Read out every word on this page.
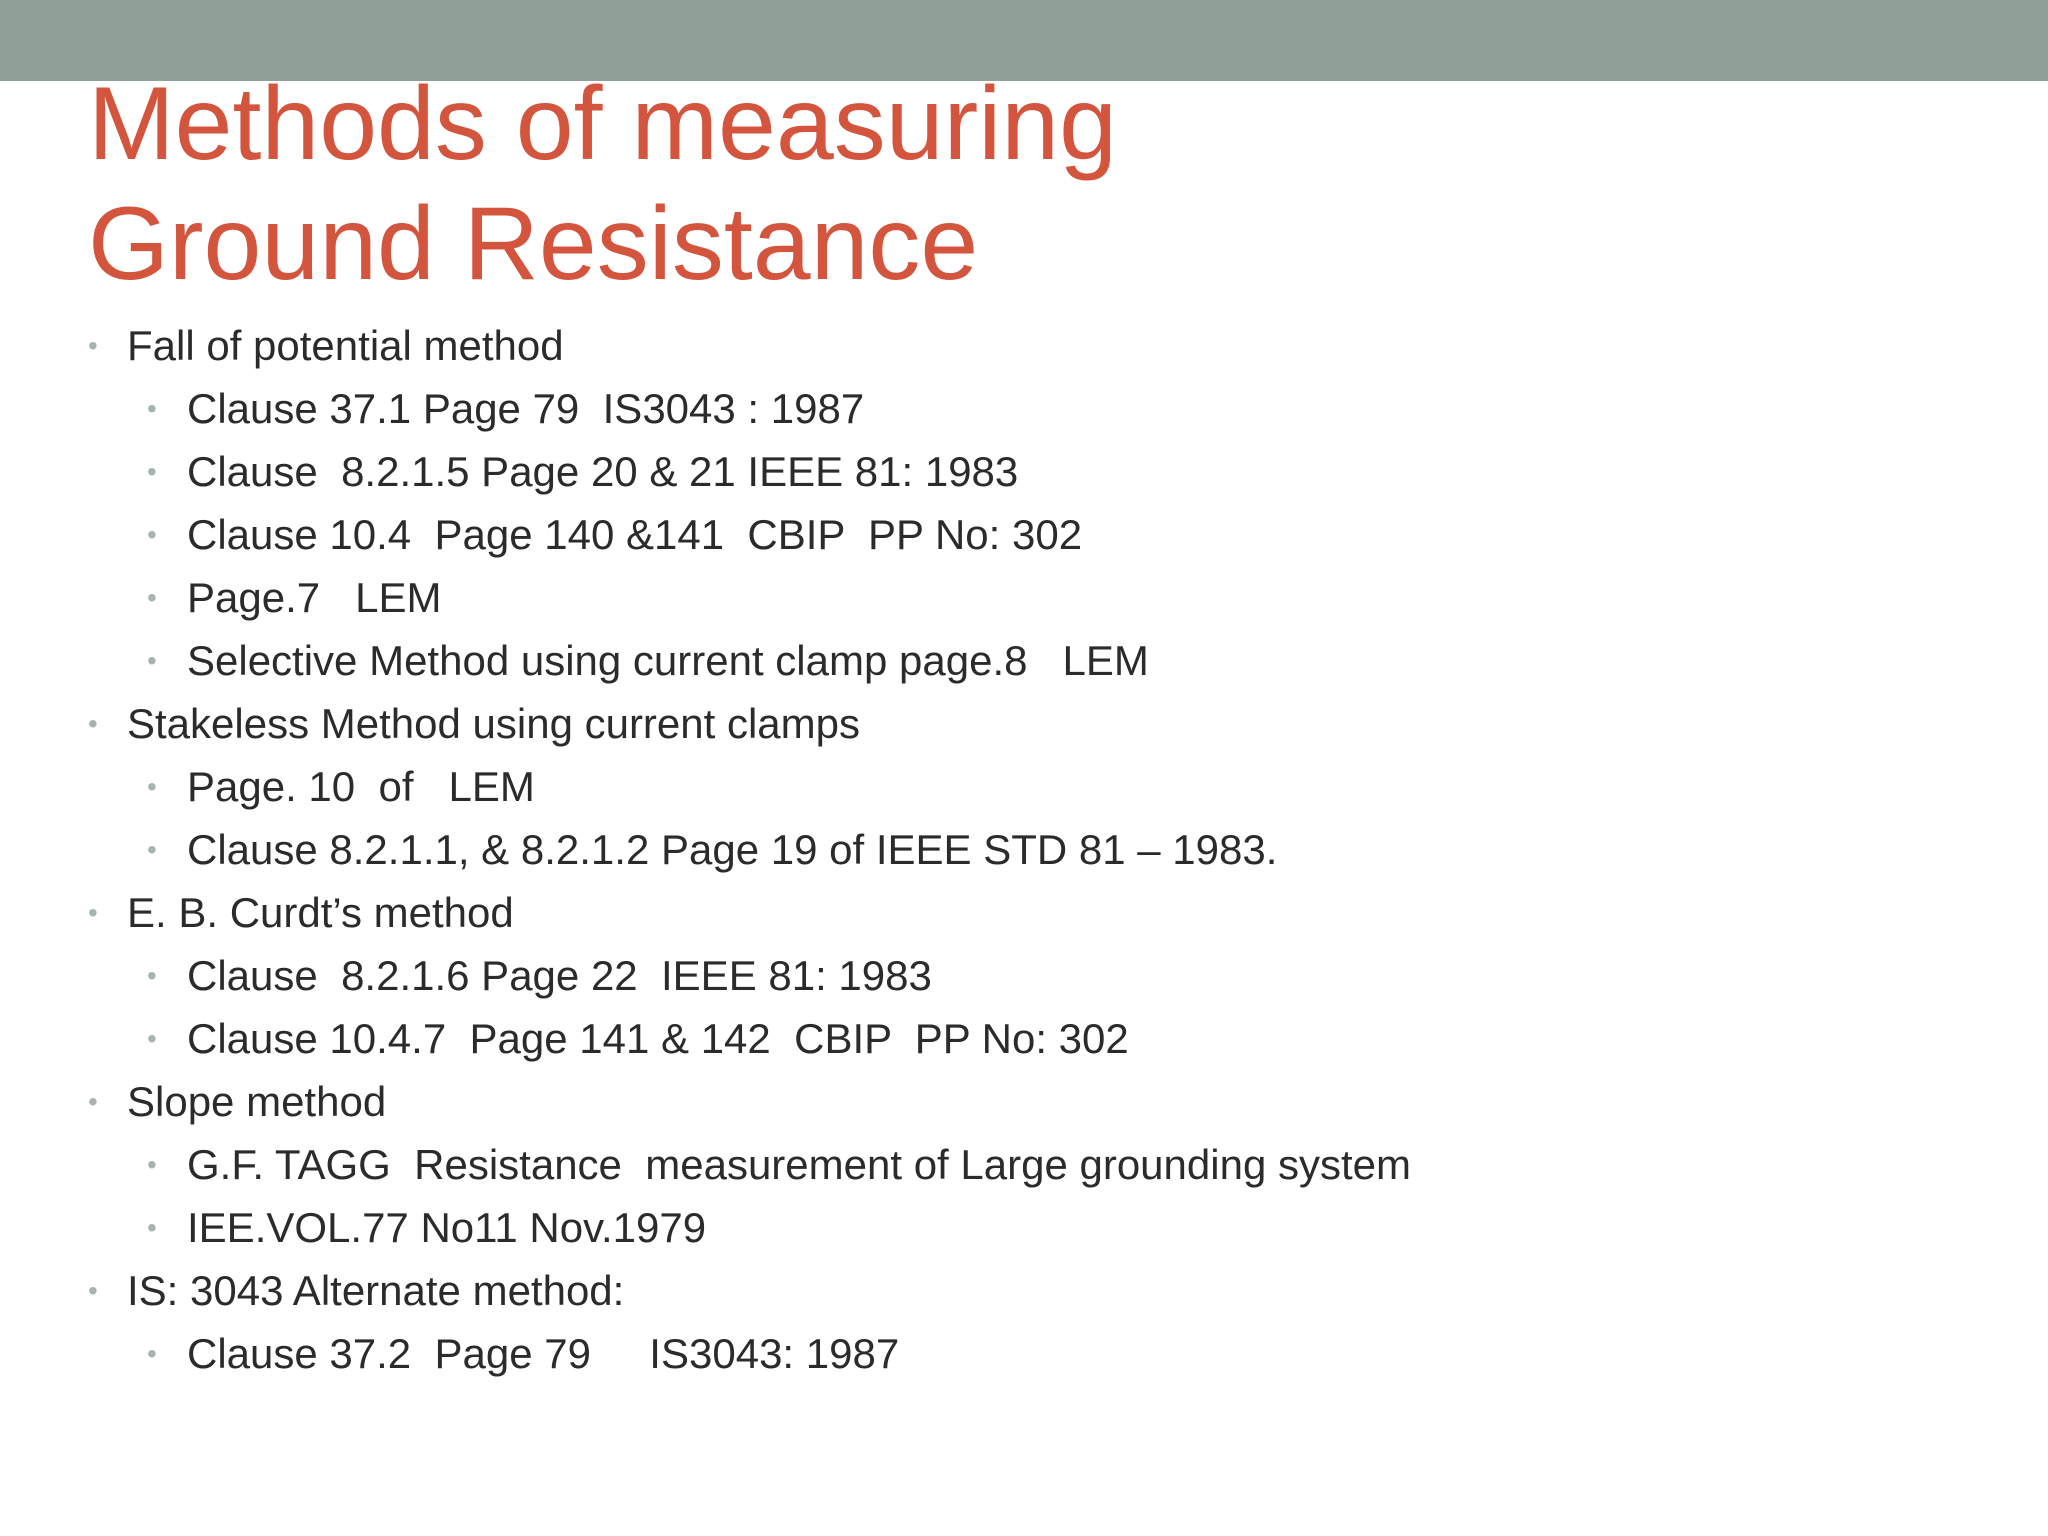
Methods of measuring
Ground Resistance
• Fall of potential method
• Clause 37.1 Page 79  IS3043 : 1987
• Clause  8.2.1.5 Page 20 & 21 IEEE 81: 1983
• Clause 10.4  Page 140 &141  CBIP  PP No: 302
• Page.7   LEM
• Selective Method using current clamp page.8   LEM
• Stakeless Method using current clamps
• Page. 10  of   LEM
• Clause 8.2.1.1, & 8.2.1.2 Page 19 of IEEE STD 81 – 1983.
• E. B. Curdt’s method
• Clause  8.2.1.6 Page 22  IEEE 81: 1983
• Clause 10.4.7  Page 141 & 142  CBIP  PP No: 302
• Slope method
• G.F. TAGG  Resistance  measurement of Large grounding system
• IEE.VOL.77 No11 Nov.1979
• IS: 3043 Alternate method:
• Clause 37.2  Page 79     IS3043: 1987
